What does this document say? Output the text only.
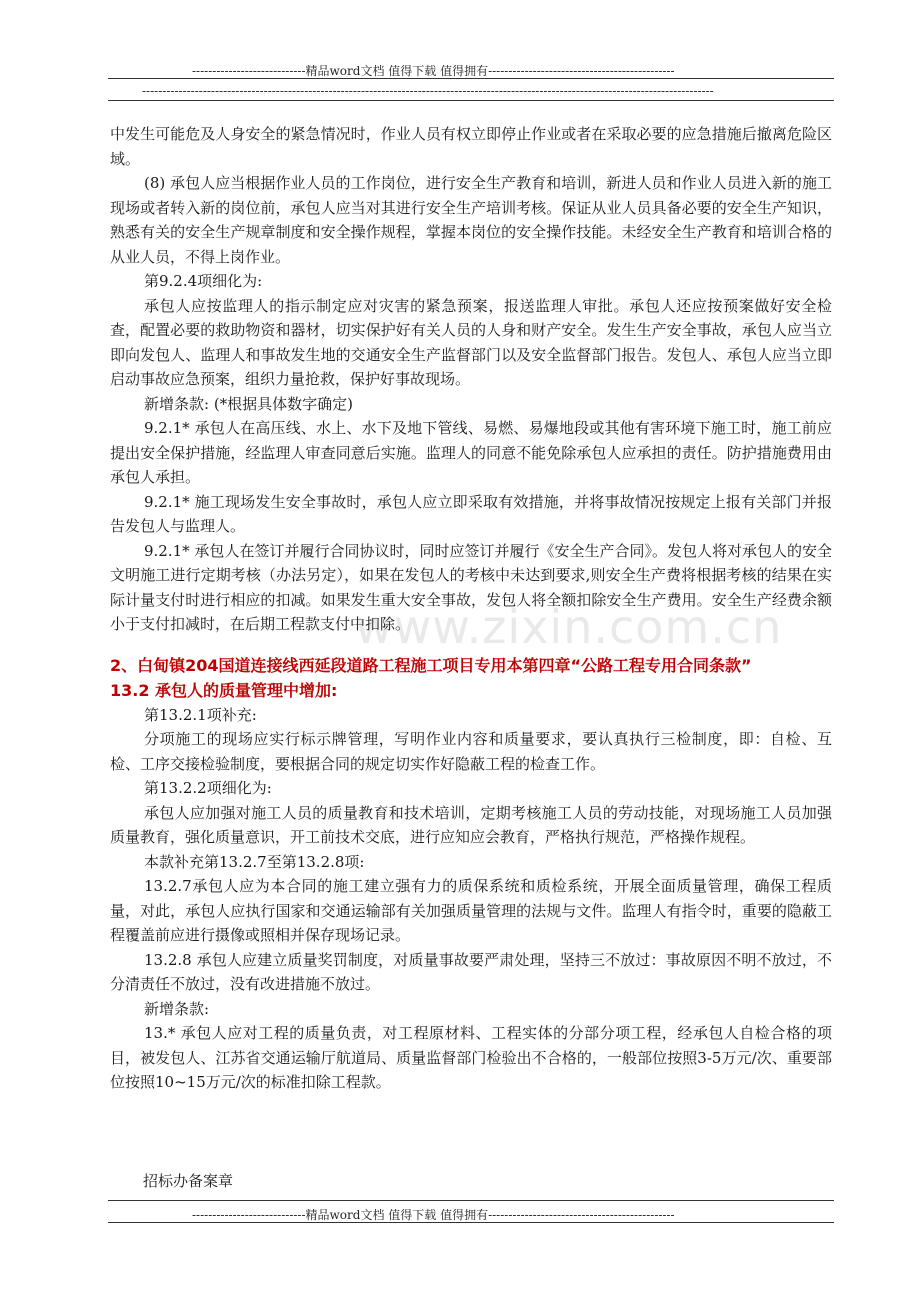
----------------------------精品word文档 值得下载 值得拥有----------------------------------------------
---------------------------------------------------------------------------------------------------------------------------------------------
www.zixin.com.cn

中发生可能危及人身安全的紧急情况时，作业人员有权立即停止作业或者在采取必要的应急措施后撤离危险区域。

(8) 承包人应当根据作业人员的工作岗位，进行安全生产教育和培训，新进人员和作业人员进入新的施工现场或者转入新的岗位前，承包人应当对其进行安全生产培训考核。保证从业人员具备必要的安全生产知识，熟悉有关的安全生产规章制度和安全操作规程，掌握本岗位的安全操作技能。未经安全生产教育和培训合格的从业人员，不得上岗作业。

第9.2.4项细化为:

承包人应按监理人的指示制定应对灾害的紧急预案，报送监理人审批。承包人还应按预案做好安全检查，配置必要的救助物资和器材，切实保护好有关人员的人身和财产安全。发生生产安全事故，承包人应当立即向发包人、监理人和事故发生地的交通安全生产监督部门以及安全监督部门报告。发包人、承包人应当立即启动事故应急预案，组织力量抢救，保护好事故现场。

新增条款: (*根据具体数字确定)

9.2.1* 承包人在高压线、水上、水下及地下管线、易燃、易爆地段或其他有害环境下施工时，施工前应提出安全保护措施，经监理人审查同意后实施。监理人的同意不能免除承包人应承担的责任。防护措施费用由承包人承担。

9.2.1* 施工现场发生安全事故时，承包人应立即采取有效措施，并将事故情况按规定上报有关部门并报告发包人与监理人。

9.2.1* 承包人在签订并履行合同协议时，同时应签订并履行《安全生产合同》。发包人将对承包人的安全文明施工进行定期考核（办法另定），如果在发包人的考核中未达到要求,则安全生产费将根据考核的结果在实际计量支付时进行相应的扣减。如果发生重大安全事故，发包人将全额扣除安全生产费用。安全生产经费余额小于支付扣减时，在后期工程款支付中扣除。

2、白甸镇204国道连接线西延段道路工程施工项目专用本第四章“公路工程专用合同条款”

13.2 承包人的质量管理中增加:

第13.2.1项补充:

分项施工的现场应实行标示牌管理，写明作业内容和质量要求，要认真执行三检制度，即：自检、互检、工序交接检验制度，要根据合同的规定切实作好隐蔽工程的检查工作。

第13.2.2项细化为:

承包人应加强对施工人员的质量教育和技术培训，定期考核施工人员的劳动技能，对现场施工人员加强质量教育，强化质量意识，开工前技术交底，进行应知应会教育，严格执行规范，严格操作规程。

本款补充第13.2.7至第13.2.8项:

13.2.7承包人应为本合同的施工建立强有力的质保系统和质检系统，开展全面质量管理，确保工程质量，对此，承包人应执行国家和交通运输部有关加强质量管理的法规与文件。监理人有指令时，重要的隐蔽工程覆盖前应进行摄像或照相并保存现场记录。

13.2.8 承包人应建立质量奖罚制度，对质量事故要严肃处理，坚持三不放过：事故原因不明不放过，不分清责任不放过，没有改进措施不放过。

新增条款:

13.* 承包人应对工程的质量负责，对工程原材料、工程实体的分部分项工程，经承包人自检合格的项目，被发包人、江苏省交通运输厅航道局、质量监督部门检验出不合格的，一般部位按照3-5万元/次、重要部位按照10~15万元/次的标准扣除工程款。

招标办备案章
----------------------------精品word文档 值得下载 值得拥有----------------------------------------------
